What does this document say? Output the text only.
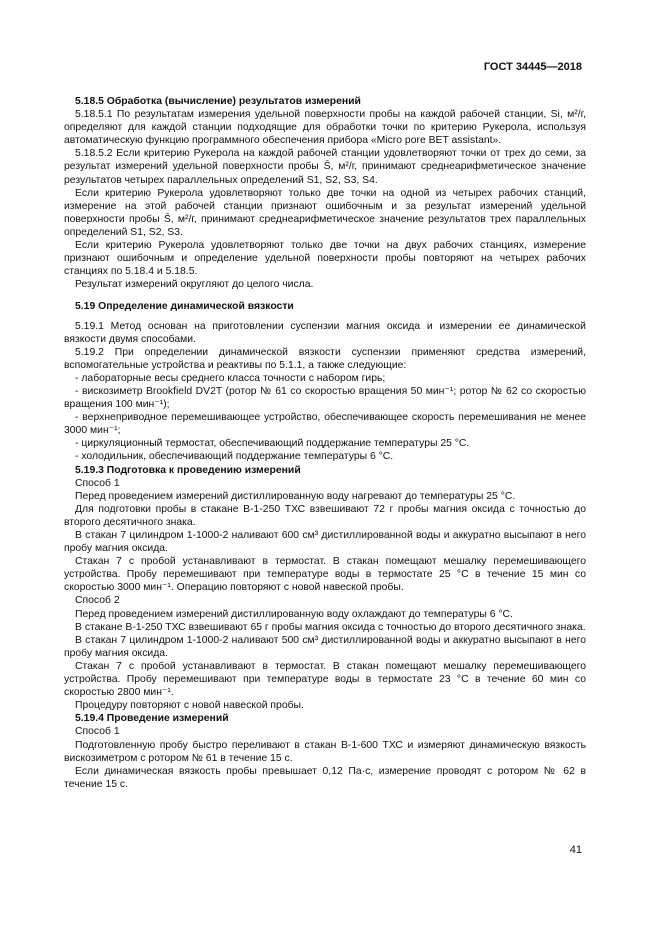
ГОСТ 34445—2018

5.18.5 Обработка (вычисление) результатов измерений

5.18.5.1 По результатам измерения удельной поверхности пробы на каждой рабочей станции, Si, м²/г, определяют для каждой станции подходящие для обработки точки по критерию Рукерола, используя автоматическую функцию программного обеспечения прибора «Micro pore BET assistant».

5.18.5.2 Если критерию Рукерола на каждой рабочей станции удовлетворяют точки от трех до семи, за результат измерений удельной поверхности пробы S̄, м²/г, принимают среднеарифметическое значение результатов четырех параллельных определений S1, S2, S3, S4.

Если критерию Рукерола удовлетворяют только две точки на одной из четырех рабочих станций, измерение на этой рабочей станции признают ошибочным и за результат измерений удельной поверхности пробы S̄, м²/г, принимают среднеарифметическое значение результатов трех параллельных определений S1, S2, S3.

Если критерию Рукерола удовлетворяют только две точки на двух рабочих станциях, измерение признают ошибочным и определение удельной поверхности пробы повторяют на четырех рабочих станциях по 5.18.4 и 5.18.5.

Результат измерений округляют до целого числа.

5.19 Определение динамической вязкости

5.19.1 Метод основан на приготовлении суспензии магния оксида и измерении ее динамической вязкости двумя способами.

5.19.2 При определении динамической вязкости суспензии применяют средства измерений, вспомогательные устройства и реактивы по 5.1.1, а также следующие:

- лабораторные весы среднего класса точности с набором гирь;

- вискозиметр Brookfield DV2T (ротор № 61 со скоростью вращения 50 мин⁻¹; ротор № 62 со скоростью вращения 100 мин⁻¹);

- верхнеприводное перемешивающее устройство, обеспечивающее скорость перемешивания не менее 3000 мин⁻¹;

- циркуляционный термостат, обеспечивающий поддержание температуры 25 °C.

- холодильник, обеспечивающий поддержание температуры 6 °C.

5.19.3 Подготовка к проведению измерений

Способ 1

Перед проведением измерений дистиллированную воду нагревают до температуры 25 °C.

Для подготовки пробы в стакане В-1-250 ТХС взвешивают 72 г пробы магния оксида с точностью до второго десятичного знака.

В стакан 7 цилиндром 1-1000-2 наливают 600 см³ дистиллированной воды и аккуратно высыпают в него пробу магния оксида.

Стакан 7 с пробой устанавливают в термостат. В стакан помещают мешалку перемешивающего устройства. Пробу перемешивают при температуре воды в термостате 25 °C в течение 15 мин со скоростью 3000 мин⁻¹. Операцию повторяют с новой навеской пробы.

Способ 2

Перед проведением измерений дистиллированную воду охлаждают до температуры 6 °C.

В стакане В-1-250 ТХС взвешивают 65 г пробы магния оксида с точностью до второго десятичного знака.

В стакан 7 цилиндром 1-1000-2 наливают 500 см³ дистиллированной воды и аккуратно высыпают в него пробу магния оксида.

Стакан 7 с пробой устанавливают в термостат. В стакан помещают мешалку перемешивающего устройства. Пробу перемешивают при температуре воды в термостате 23 °C в течение 60 мин со скоростью 2800 мин⁻¹.

Процедуру повторяют с новой навеской пробы.

5.19.4 Проведение измерений

Способ 1

Подготовленную пробу быстро переливают в стакан В-1-600 ТХС и измеряют динамическую вязкость вискозиметром с ротором № 61 в течение 15 с.

Если динамическая вязкость пробы превышает 0,12 Па·с, измерение проводят с ротором № 62 в течение 15 с.

41
